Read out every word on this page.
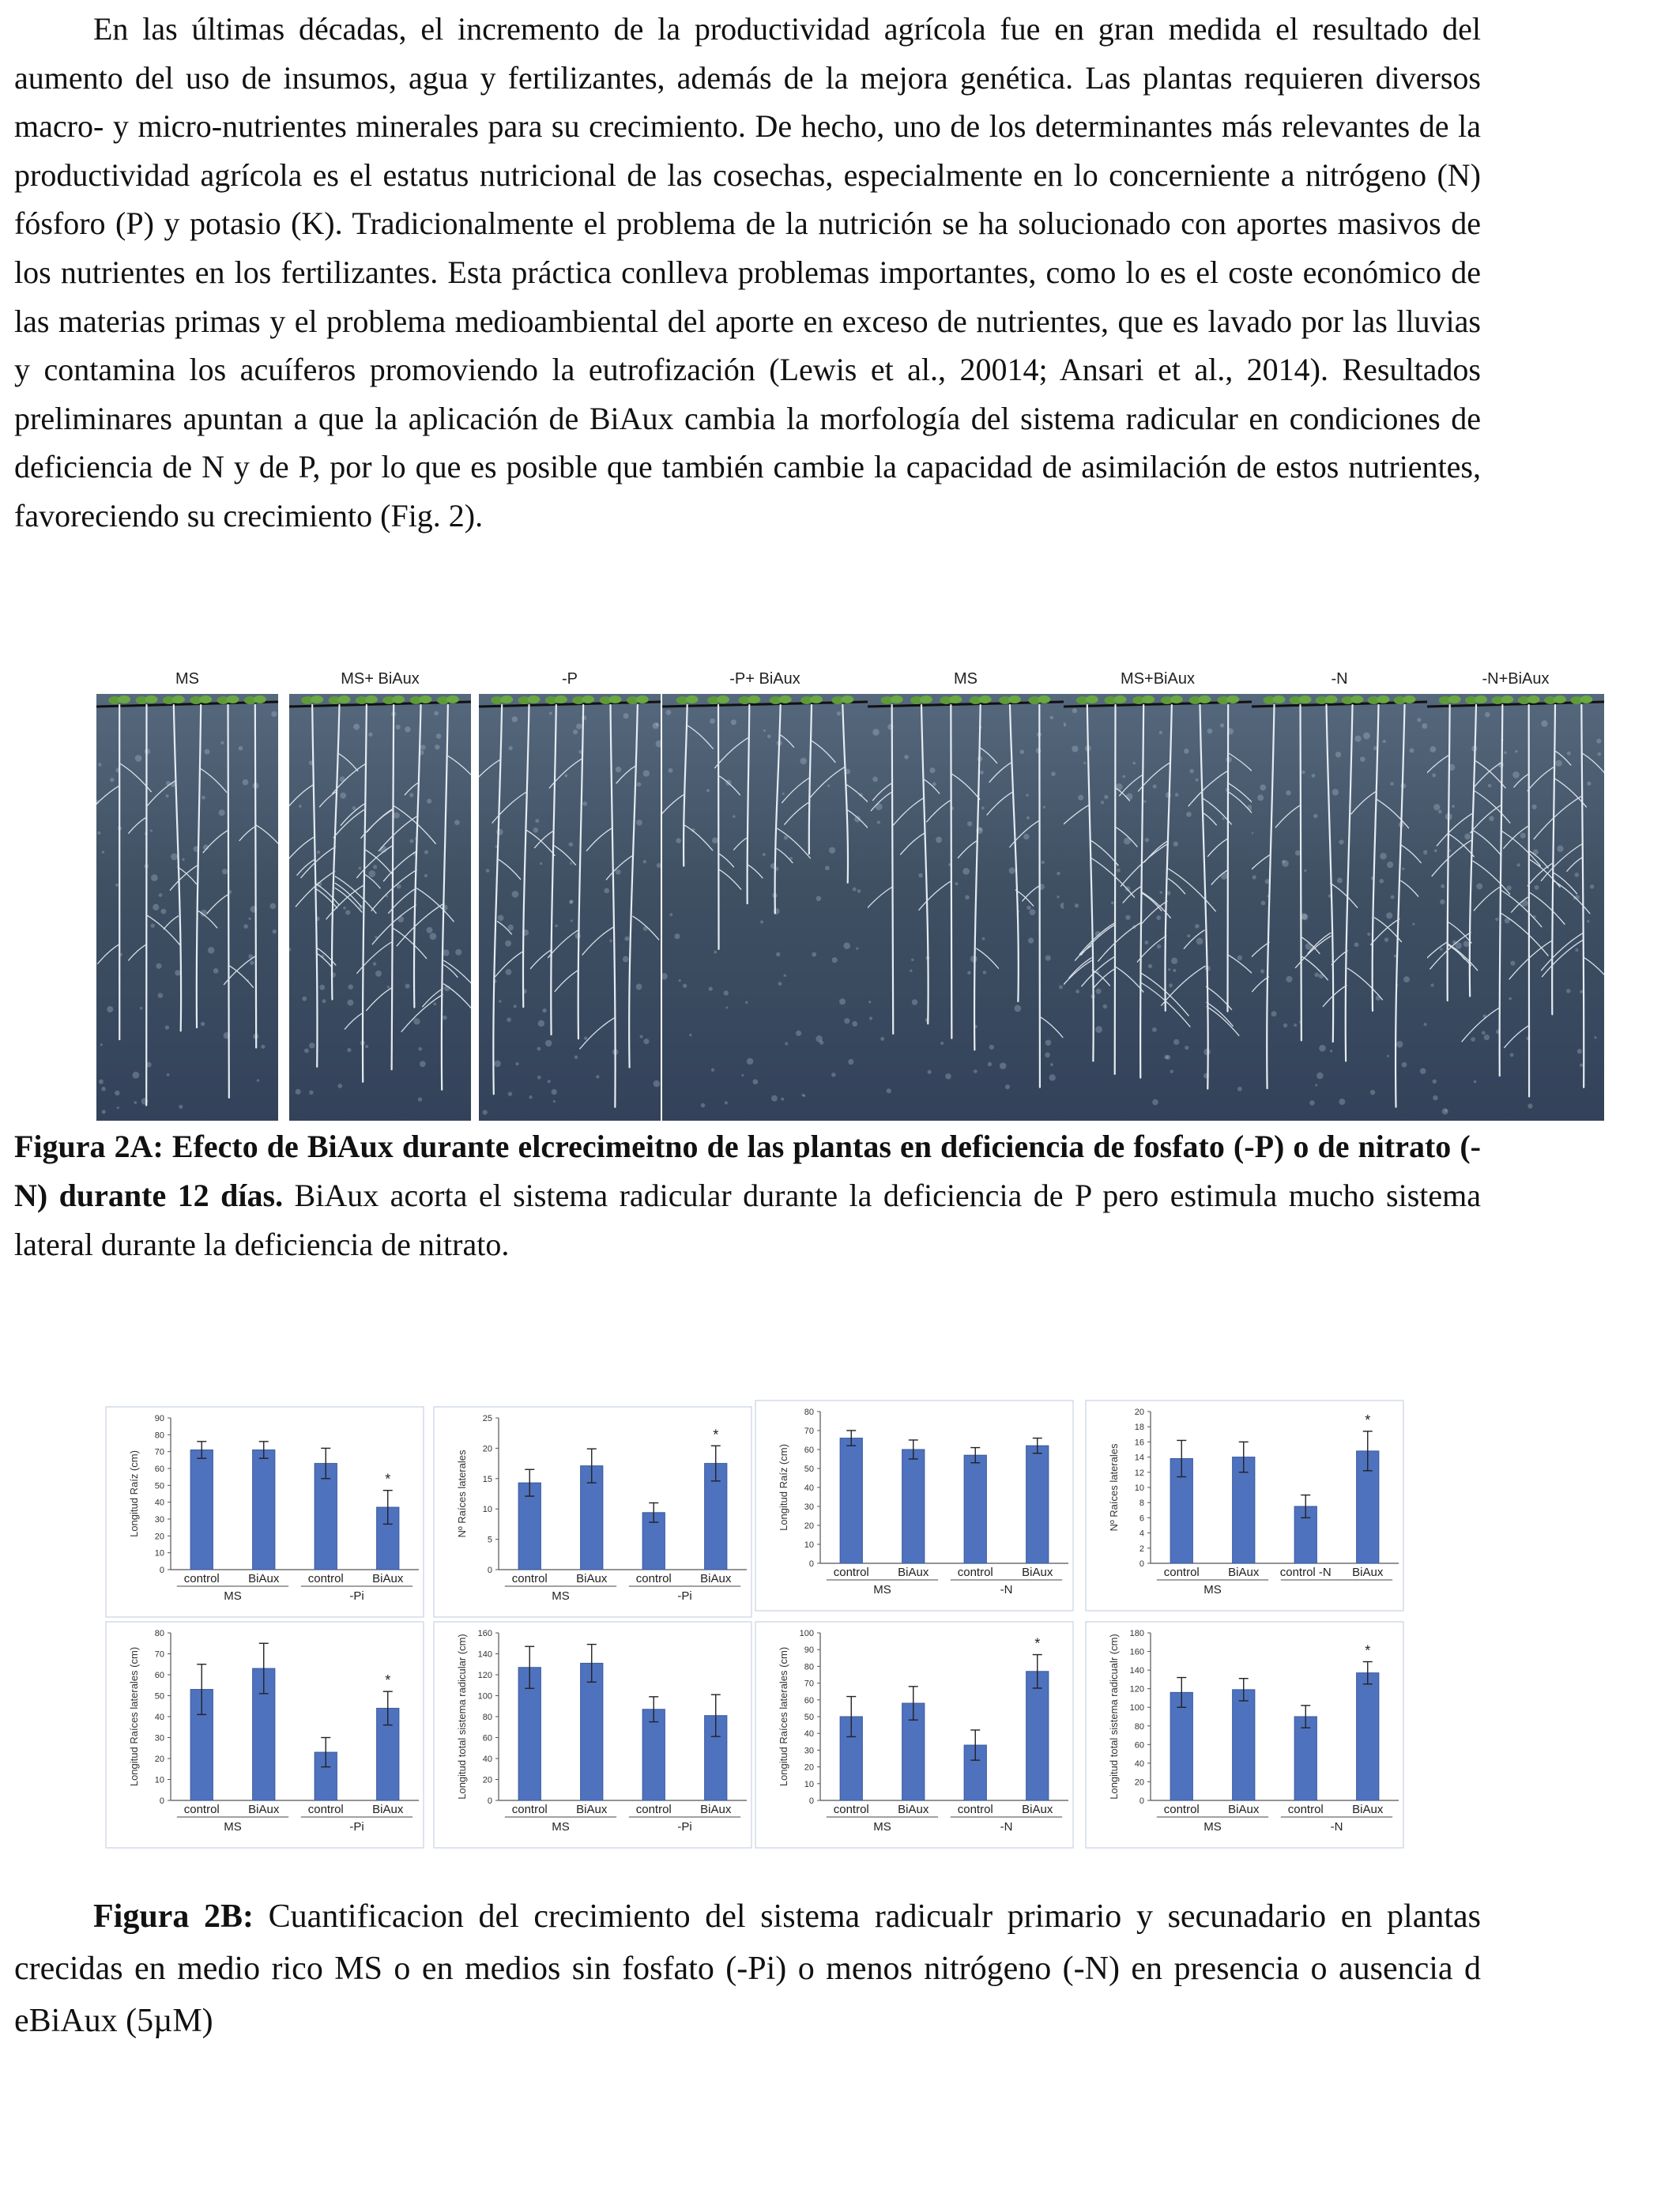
En las últimas décadas, el incremento de la productividad agrícola fue en gran medida el resultado del aumento del uso de insumos, agua y fertilizantes, además de la mejora genética. Las plantas requieren diversos macro- y micro-nutrientes minerales para su crecimiento. De hecho, uno de los determinantes más relevantes de la productividad agrícola es el estatus nutricional de las cosechas, especialmente en lo concerniente a nitrógeno (N) fósforo (P) y potasio (K). Tradicionalmente el problema de la nutrición se ha solucionado con aportes masivos de los nutrientes en los fertilizantes. Esta práctica conlleva problemas importantes, como lo es el coste económico de las materias primas y el problema medioambiental del aporte en exceso de nutrientes, que es lavado por las lluvias y contamina los acuíferos promoviendo la eutrofización (Lewis et al., 20014; Ansari et al., 2014). Resultados preliminares apuntan a que la aplicación de BiAux cambia la morfología del sistema radicular en condiciones de deficiencia de N y de P, por lo que es posible que también cambie la capacidad de asimilación de estos nutrientes, favoreciendo su crecimiento (Fig. 2).

MS	MS+ BiAux	-P	-P+ BiAux	MS	MS+BiAux	-N	-N+BiAux

Figura 2A: Efecto de BiAux durante elcrecimeitno de las plantas en deficiencia de fosfato (-P) o de nitrato (-N) durante 12 días. BiAux acorta el sistema radicular durante la deficiencia de P pero estimula mucho sistema lateral durante la deficiencia de nitrato.

0
10
20
30
40
50
60
70
80
90
Longitud Raíz (cm)
control BiAux control
*
BiAux
MS	-Pi
0
5
10
15
20
25
Nº Raíces laterales
control BiAux control
*
BiAux
MS	-Pi
0
10
20
30
40
50
60
70
80
Longitud Raíz (cm)
control BiAux control BiAux
MS	-N
0
2
4
6
8
10
12
14
16
18
20
Nº Raíces laterales
control BiAux control -N
*
BiAux
MS
0
10
20
30
40
50
60
70
80
Longitud Raíces laterales (cm)
control BiAux control
*
BiAux
MS	-Pi
0
20
40
60
80
100
120
140
160
Longitud total sistema radicular (cm)
control BiAux control BiAux
MS	-Pi
0
10
20
30
40
50
60
70
80
90
100
Longitud Raíces laterales (cm)
control BiAux control
*
BiAux
MS	-N
0
20
40
60
80
100
120
140
160
180
Longitud total sistema radicualr (cm)
control BiAux control
*
BiAux
MS	-N

Figura 2B: Cuantificacion del crecimiento del sistema radicualr primario y secunadario en plantas crecidas en medio rico MS o en medios sin fosfato (-Pi) o menos nitrógeno (-N) en presencia o ausencia d eBiAux (5µM)
